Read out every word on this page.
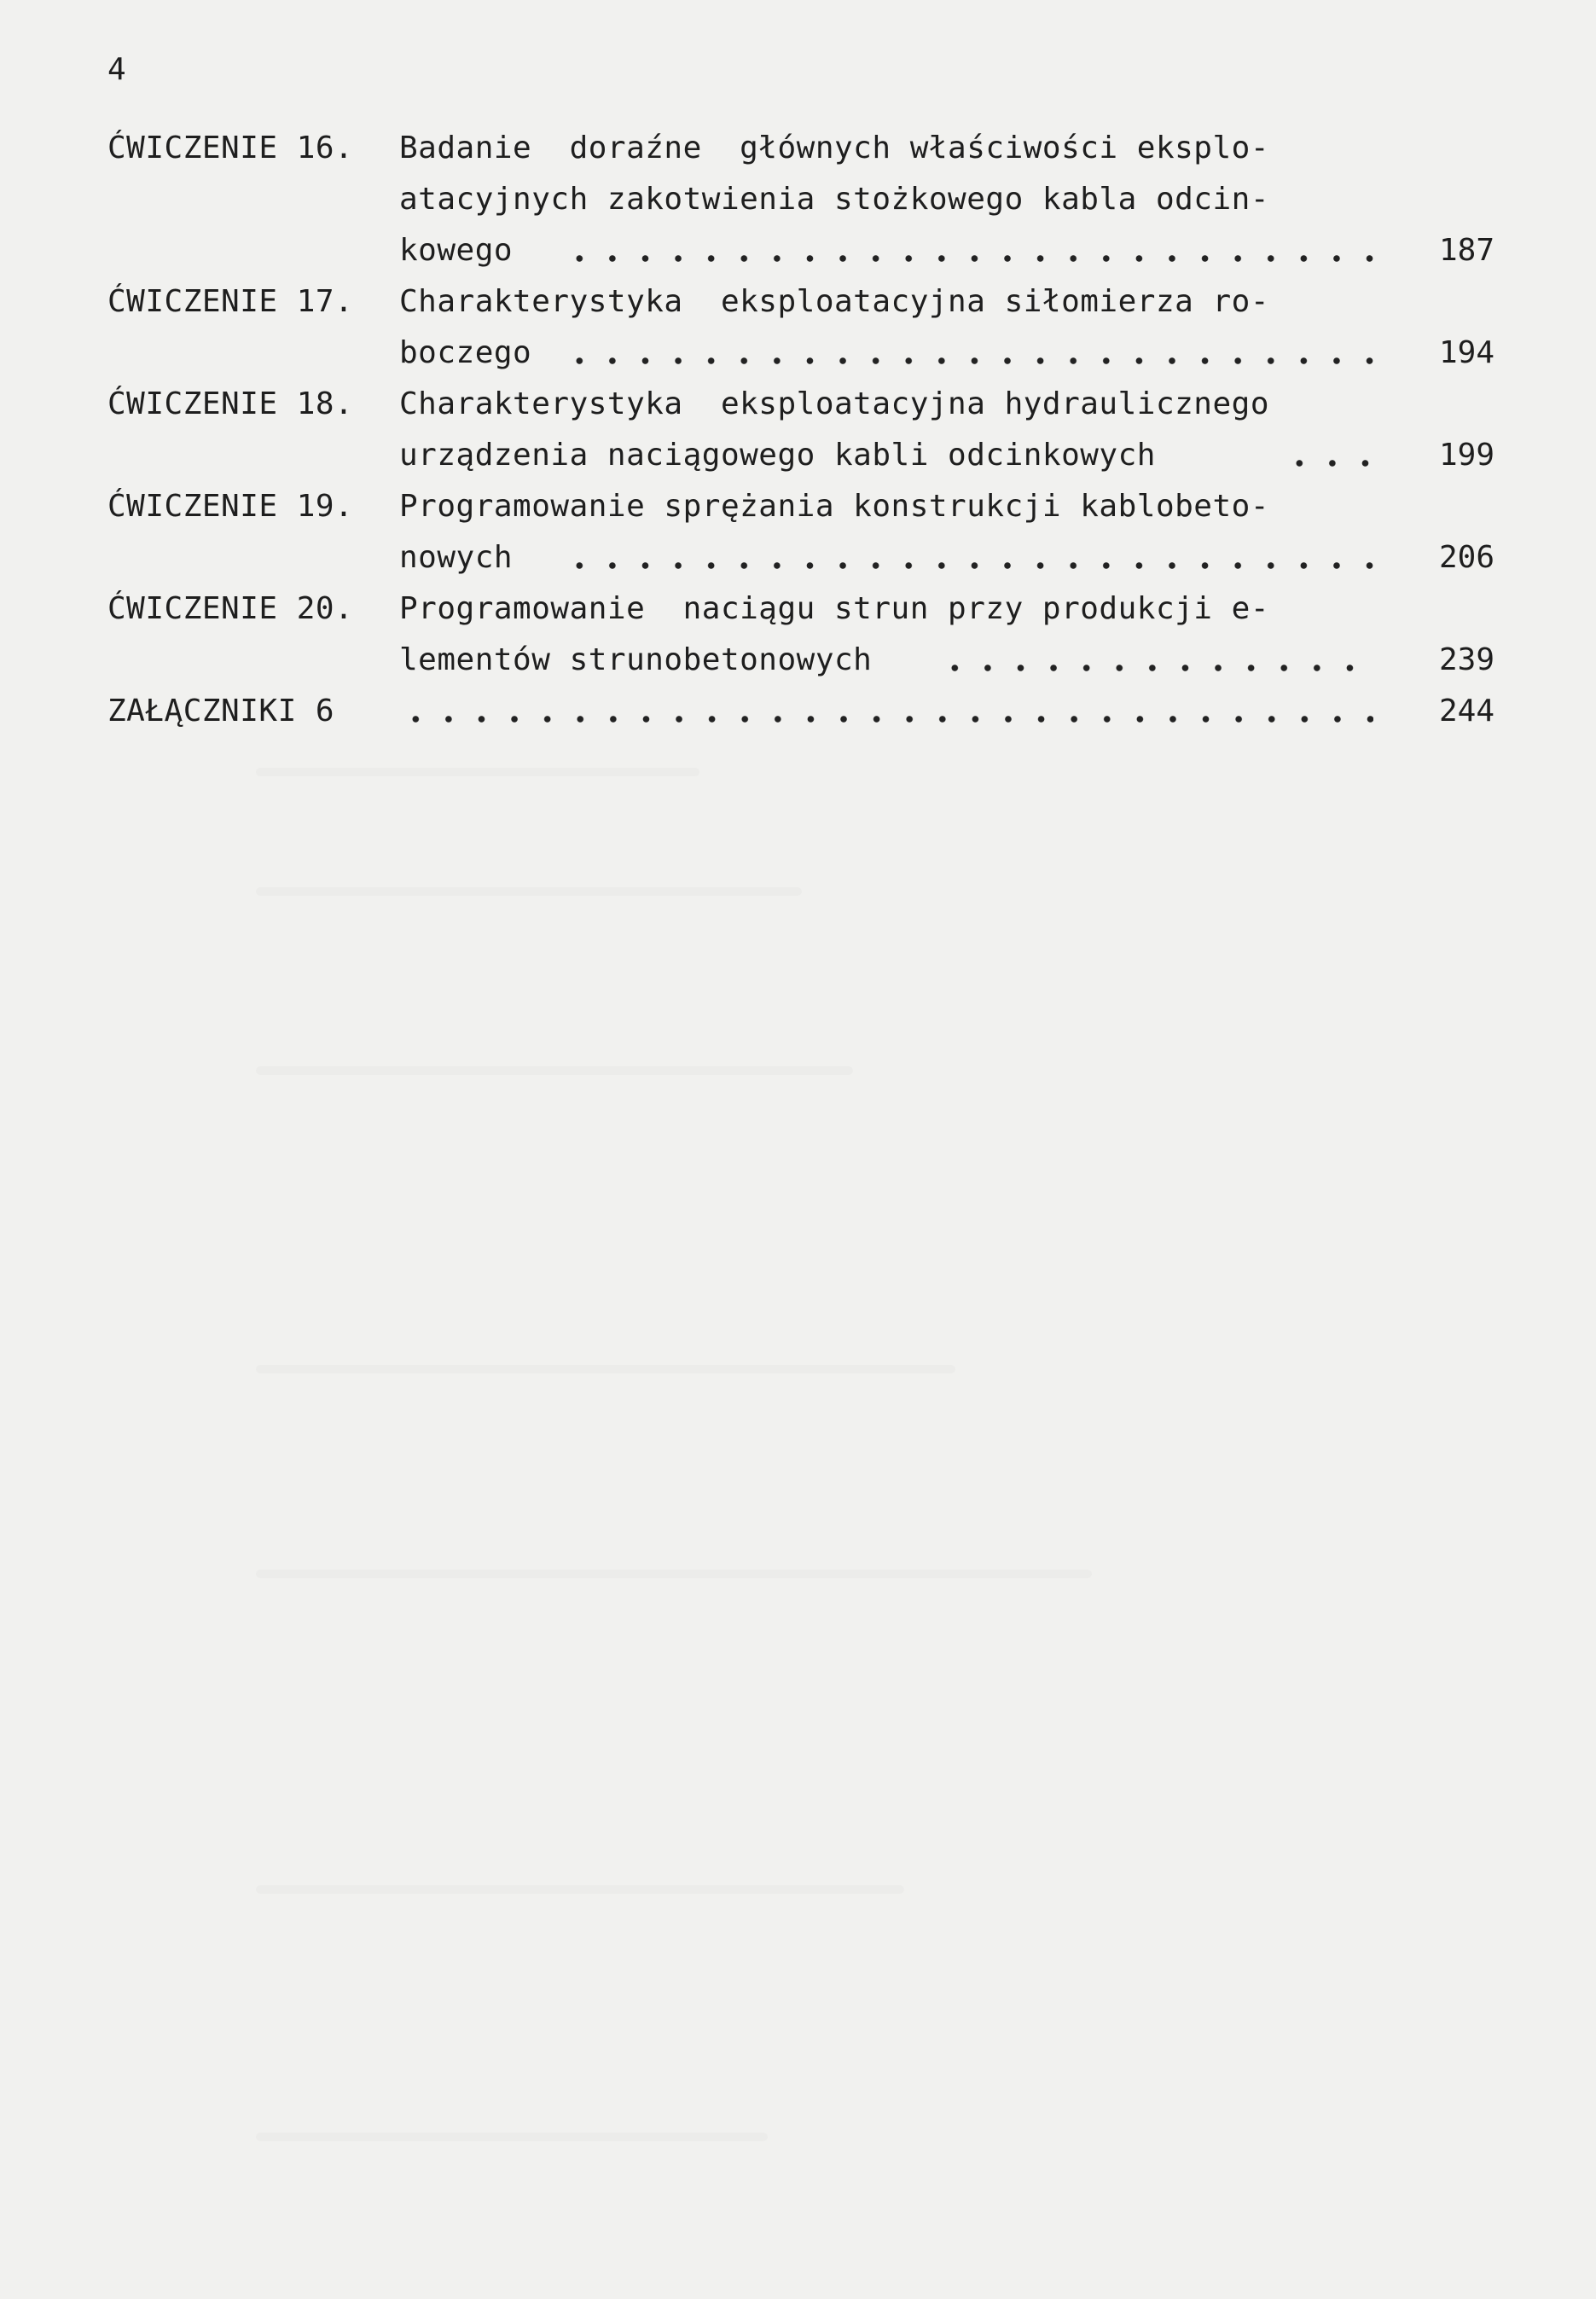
4
ĆWICZENIE 16. Badanie  doraźne  głównych właściwości eksplo-
atacyjnych zakotwienia stożkowego kabla odcin-
kowego	187
ĆWICZENIE 17. Charakterystyka  eksploatacyjna siłomierza ro-
boczego	194
ĆWICZENIE 18. Charakterystyka  eksploatacyjna hydraulicznego
urządzenia naciągowego kabli odcinkowych	199
ĆWICZENIE 19. Programowanie sprężania konstrukcji kablobeto-
nowych	206
ĆWICZENIE 20. Programowanie  naciągu strun przy produkcji e-
lementów strunobetonowych	239
ZAŁĄCZNIKI 6	244
